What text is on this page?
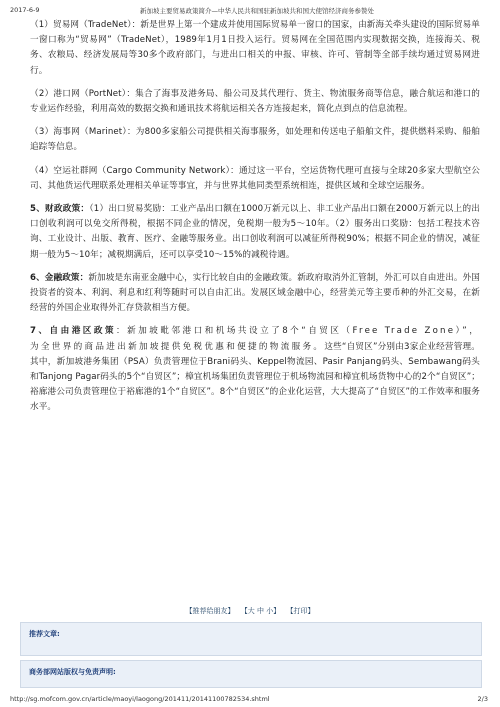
2017-6-9	新加坡主要贸易政策简介—中华人民共和国驻新加坡共和国大使馆经济商务参赞处

（1）贸易网（TradeNet）：新是世界上第一个建成并使用国际贸易单一窗口的国家，由新海关牵头建设的国际贸易单一窗口称为“贸易网”（TradeNet），1989年1月1日投入运行。贸易网在全国范围内实现数据交换，连接海关、税务、农粮局、经济发展局等30多个政府部门，与进出口相关的申报、审核、许可、管制等全部手续均通过贸易网进行。

（2）港口网（PortNet）：集合了海事及港务局、船公司及其代理行、货主、物流服务商等信息，融合航运和港口的专业运作经验，利用高效的数据交换和通讯技术将航运相关各方连接起来，简化点到点的信息流程。

（3）海事网（Marinet）：为800多家船公司提供相关海事服务，如处理和传送电子船舶文件，提供燃料采购、船舶追踪等信息。

（4）空运社群网（Cargo Community Network）：通过这一平台，空运货物代理可直接与全球20多家大型航空公司、其他货运代理联系处理相关单证等事宜，并与世界其他同类型系统相连，提供区域和全球空运服务。

5、财政政策：（1）出口贸易奖励：工业产品出口额在1000万新元以上、非工业产品出口额在2000万新元以上的出口创收利润可以免交所得税，根据不同企业的情况，免税期一般为5～10年。（2）服务出口奖励：包括工程技术咨询、工业设计、出版、教育、医疗、金融等服务业。出口创收利润可以减征所得税90%；根据不同企业的情况，减征期一般为5～10年；减税期满后，还可以享受10～15%的减税待遇。

6、金融政策：新加坡是东南亚金融中心，实行比较自由的金融政策。新政府取消外汇管制，外汇可以自由进出。外国投资者的资本、利润、利息和红利等随时可以自由汇出。发展区域金融中心，经营美元等主要币种的外汇交易，在新经营的外国企业取得外汇存贷款相当方便。

7、自由港区政策：新加坡毗邻港口和机场共设立了8个“自贸区（Free Trade Zone）”，为全世界的商品进出新加坡提供免税优惠和便捷的物流服务。这些“自贸区”分别由3家企业经营管理。其中，新加坡港务集团（PSA）负责管理位于Brani码头、Keppel物流园、Pasir Panjang码头、Sembawang码头和Tanjong Pagar码头的5个“自贸区”；樟宜机场集团负责管理位于机场物流园和樟宜机场货物中心的2个“自贸区”；裕廊港公司负责管理位于裕廊港的1个“自贸区”。8个“自贸区”的企业化运营，大大提高了“自贸区”的工作效率和服务水平。

【推荐给朋友】 【大 中 小】 【打印】
推荐文章:
商务部网站版权与免责声明:
http://sg.mofcom.gov.cn/article/maoyi/laogong/201411/20141100782534.shtml	2/3
